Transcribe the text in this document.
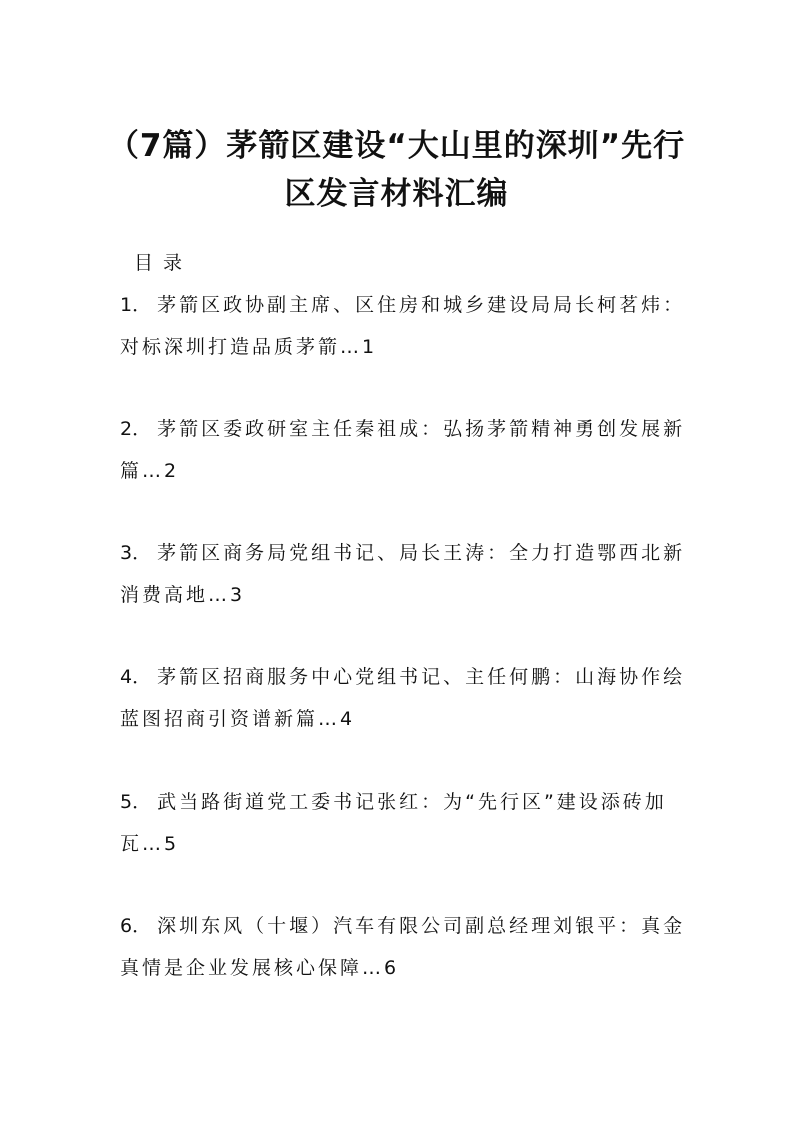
（7篇）茅箭区建设“大山里的深圳”先行
区发言材料汇编
目录
1． 茅箭区政协副主席、区住房和城乡建设局局长柯茗炜：
对标深圳打造品质茅箭…1
2． 茅箭区委政研室主任秦祖成：弘扬茅箭精神勇创发展新
篇…2
3． 茅箭区商务局党组书记、局长王涛：全力打造鄂西北新
消费高地…3
4． 茅箭区招商服务中心党组书记、主任何鹏：山海协作绘
蓝图招商引资谱新篇…4
5． 武当路街道党工委书记张红：为“先行区”建设添砖加
瓦…5
6． 深圳东风（十堰）汽车有限公司副总经理刘银平：真金
真情是企业发展核心保障…6
